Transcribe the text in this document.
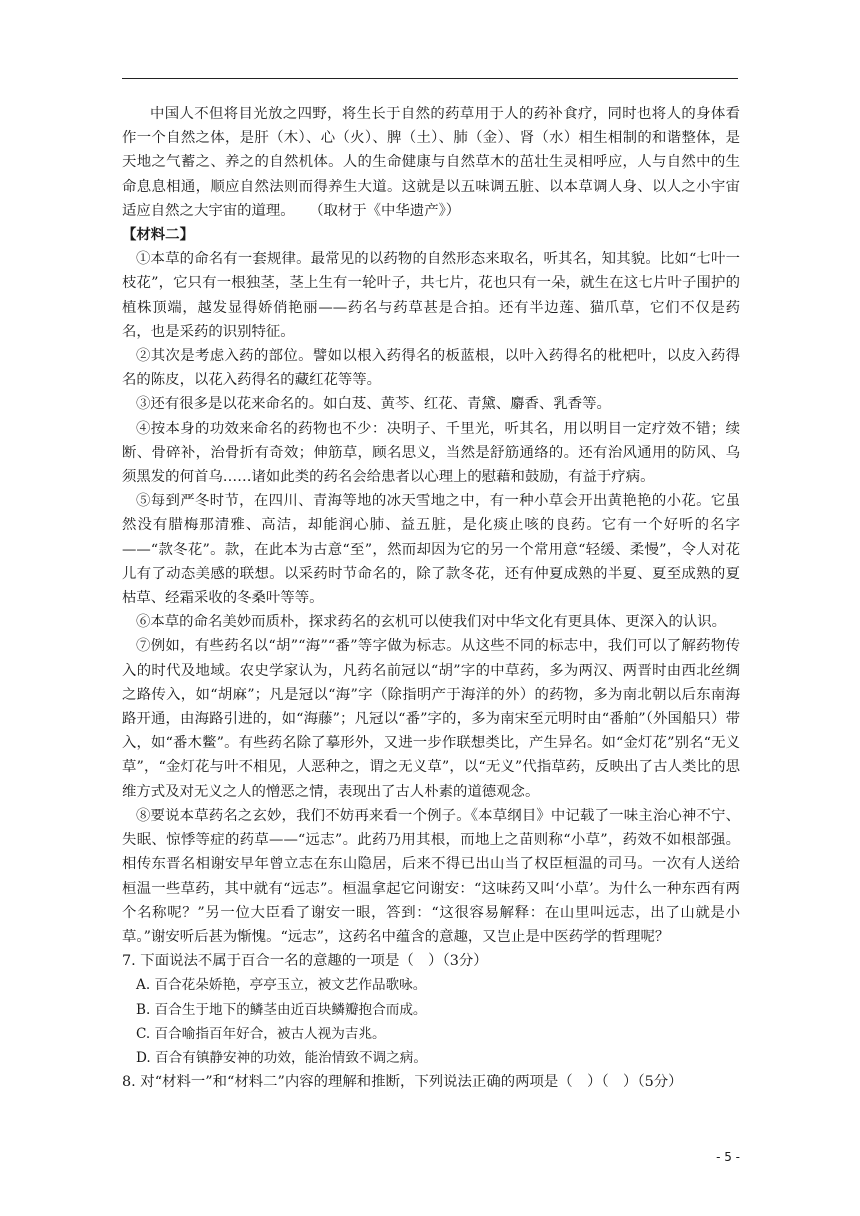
中国人不但将目光放之四野，将生长于自然的药草用于人的药补食疗，同时也将人的身体看作一个自然之体，是肝（木）、心（火）、脾（土）、肺（金）、肾（水）相生相制的和谐整体，是天地之气蓄之、养之的自然机体。人的生命健康与自然草木的茁壮生灵相呼应，人与自然中的生命息息相通，顺应自然法则而得养生大道。这就是以五味调五脏、以本草调人身、以人之小宇宙适应自然之大宇宙的道理。　　（取材于《中华遗产》）

【材料二】

①本草的命名有一套规律。最常见的以药物的自然形态来取名，听其名，知其貌。比如“七叶一枝花”，它只有一根独茎，茎上生有一轮叶子，共七片，花也只有一朵，就生在这七片叶子围护的植株顶端，越发显得娇俏艳丽——药名与药草甚是合拍。还有半边莲、猫爪草，它们不仅是药名，也是采药的识别特征。

②其次是考虑入药的部位。譬如以根入药得名的板蓝根，以叶入药得名的枇杷叶，以皮入药得名的陈皮，以花入药得名的藏红花等等。

③还有很多是以花来命名的。如白芨、黄芩、红花、青黛、麝香、乳香等。

④按本身的功效来命名的药物也不少：决明子、千里光，听其名，用以明目一定疗效不错；续断、骨碎补，治骨折有奇效；伸筋草，顾名思义，当然是舒筋通络的。还有治风通用的防风、乌须黑发的何首乌……诸如此类的药名会给患者以心理上的慰藉和鼓励，有益于疗病。

⑤每到严冬时节，在四川、青海等地的冰天雪地之中，有一种小草会开出黄艳艳的小花。它虽然没有腊梅那清雅、高洁，却能润心肺、益五脏，是化痰止咳的良药。它有一个好听的名字——“款冬花”。款，在此本为古意“至”，然而却因为它的另一个常用意“轻缓、柔慢”，令人对花儿有了动态美感的联想。以采药时节命名的，除了款冬花，还有仲夏成熟的半夏、夏至成熟的夏枯草、经霜采收的冬桑叶等等。

⑥本草的命名美妙而质朴，探求药名的玄机可以使我们对中华文化有更具体、更深入的认识。

⑦例如，有些药名以“胡”“海”“番”等字做为标志。从这些不同的标志中，我们可以了解药物传入的时代及地域。农史学家认为，凡药名前冠以“胡”字的中草药，多为两汉、两晋时由西北丝绸之路传入，如“胡麻”；凡是冠以“海”字（除指明产于海洋的外）的药物，多为南北朝以后东南海路开通，由海路引进的，如“海藤”；凡冠以“番”字的，多为南宋至元明时由“番舶”（外国船只）带入，如“番木鳖”。有些药名除了摹形外，又进一步作联想类比，产生异名。如“金灯花”别名“无义草”，“金灯花与叶不相见，人恶种之，谓之无义草”，以“无义”代指草药，反映出了古人类比的思维方式及对无义之人的憎恶之情，表现出了古人朴素的道德观念。

⑧要说本草药名之玄妙，我们不妨再来看一个例子。《本草纲目》中记载了一味主治心神不宁、失眠、惊悸等症的药草——“远志”。此药乃用其根，而地上之苗则称“小草”，药效不如根部强。相传东晋名相谢安早年曾立志在东山隐居，后来不得已出山当了权臣桓温的司马。一次有人送给桓温一些草药，其中就有“远志”。桓温拿起它问谢安：“这味药又叫‘小草’。为什么一种东西有两个名称呢？”另一位大臣看了谢安一眼，答到：“这很容易解释：在山里叫远志，出了山就是小草。”谢安听后甚为惭愧。“远志”，这药名中蕴含的意趣，又岂止是中医药学的哲理呢？

7. 下面说法不属于百合一名的意趣的一项是（　）（3分）

A. 百合花朵娇艳，亭亭玉立，被文艺作品歌咏。

B. 百合生于地下的鳞茎由近百块鳞瓣抱合而成。

C. 百合喻指百年好合，被古人视为吉兆。

D. 百合有镇静安神的功效，能治情致不调之病。

8. 对“材料一”和“材料二”内容的理解和推断，下列说法正确的两项是（　）（　）（5分）

- 5 -
